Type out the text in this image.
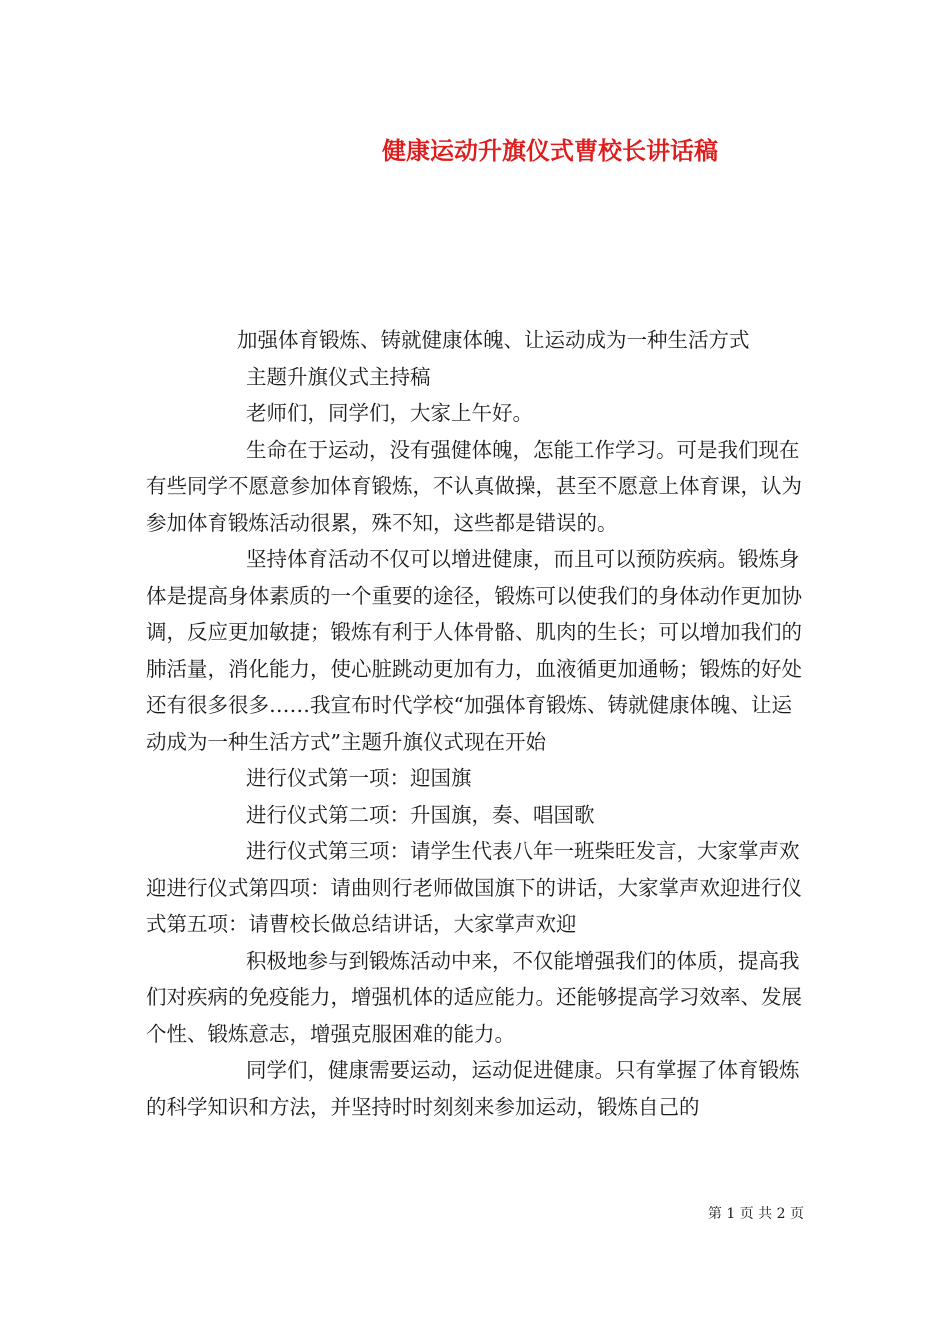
健康运动升旗仪式曹校长讲话稿

加强体育锻炼、铸就健康体魄、让运动成为一种生活方式

主题升旗仪式主持稿

老师们，同学们，大家上午好。

生命在于运动，没有强健体魄，怎能工作学习。可是我们现在有些同学不愿意参加体育锻炼，不认真做操，甚至不愿意上体育课，认为参加体育锻炼活动很累，殊不知，这些都是错误的。

坚持体育活动不仅可以增进健康，而且可以预防疾病。锻炼身体是提高身体素质的一个重要的途径，锻炼可以使我们的身体动作更加协调，反应更加敏捷；锻炼有利于人体骨骼、肌肉的生长；可以增加我们的肺活量，消化能力，使心脏跳动更加有力，血液循更加通畅；锻炼的好处还有很多很多……我宣布时代学校“加强体育锻炼、铸就健康体魄、让运动成为一种生活方式”主题升旗仪式现在开始

进行仪式第一项：迎国旗

进行仪式第二项：升国旗，奏、唱国歌

进行仪式第三项：请学生代表八年一班柴旺发言，大家掌声欢迎进行仪式第四项：请曲则行老师做国旗下的讲话，大家掌声欢迎进行仪式第五项：请曹校长做总结讲话，大家掌声欢迎

积极地参与到锻炼活动中来，不仅能增强我们的体质，提高我们对疾病的免疫能力，增强机体的适应能力。还能够提高学习效率、发展个性、锻炼意志，增强克服困难的能力。

同学们，健康需要运动，运动促进健康。只有掌握了体育锻炼的科学知识和方法，并坚持时时刻刻来参加运动，锻炼自己的

第 1 页 共 2 页
